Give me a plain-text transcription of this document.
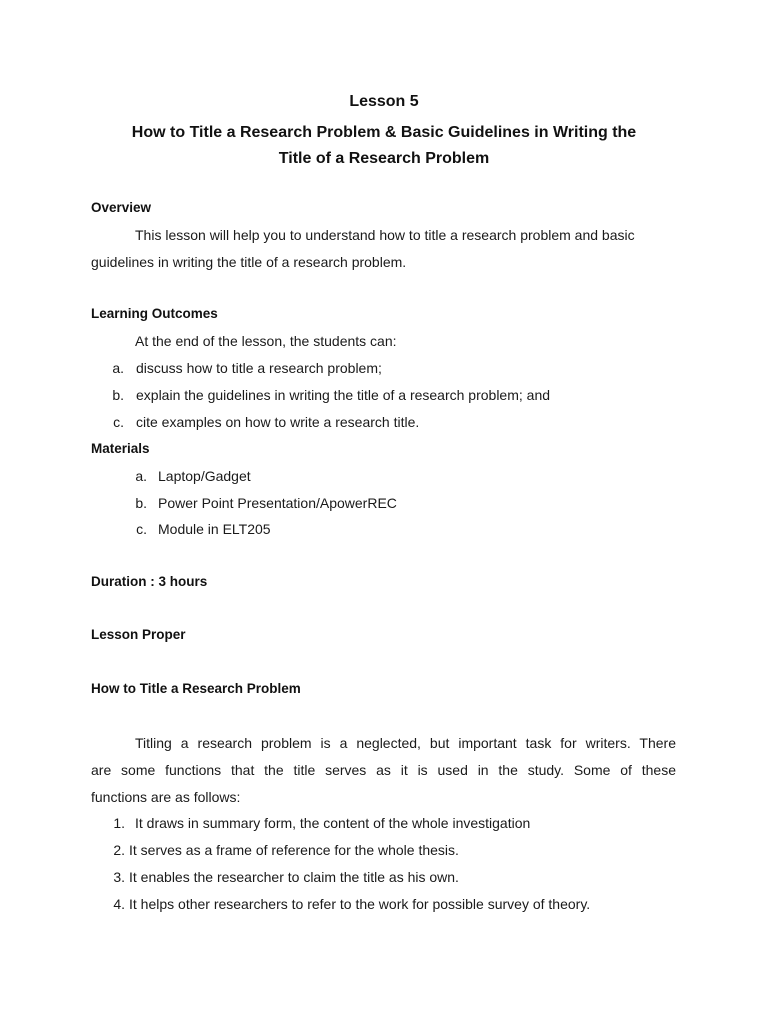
Lesson 5

How to Title a Research Problem & Basic Guidelines in Writing the

Title of a Research Problem

Overview

This lesson will help you to understand how to title a research problem and basic

guidelines in writing the title of a research problem.

Learning Outcomes

At the end of the lesson, the students can:

a. discuss how to title a research problem;
b. explain the guidelines in writing the title of a research problem; and
c. cite examples on how to write a research title.

Materials

a. Laptop/Gadget
b. Power Point Presentation/ApowerREC
c. Module in ELT205

Duration : 3 hours

Lesson Proper

How to Title a Research Problem

Titling a research problem is a neglected, but important task for writers. There

are some functions that the title serves as it is used in the study. Some of these

functions are as follows:

1. It draws in summary form, the content of the whole investigation
2. It serves as a frame of reference for the whole thesis.
3. It enables the researcher to claim the title as his own.
4. It helps other researchers to refer to the work for possible survey of theory.
